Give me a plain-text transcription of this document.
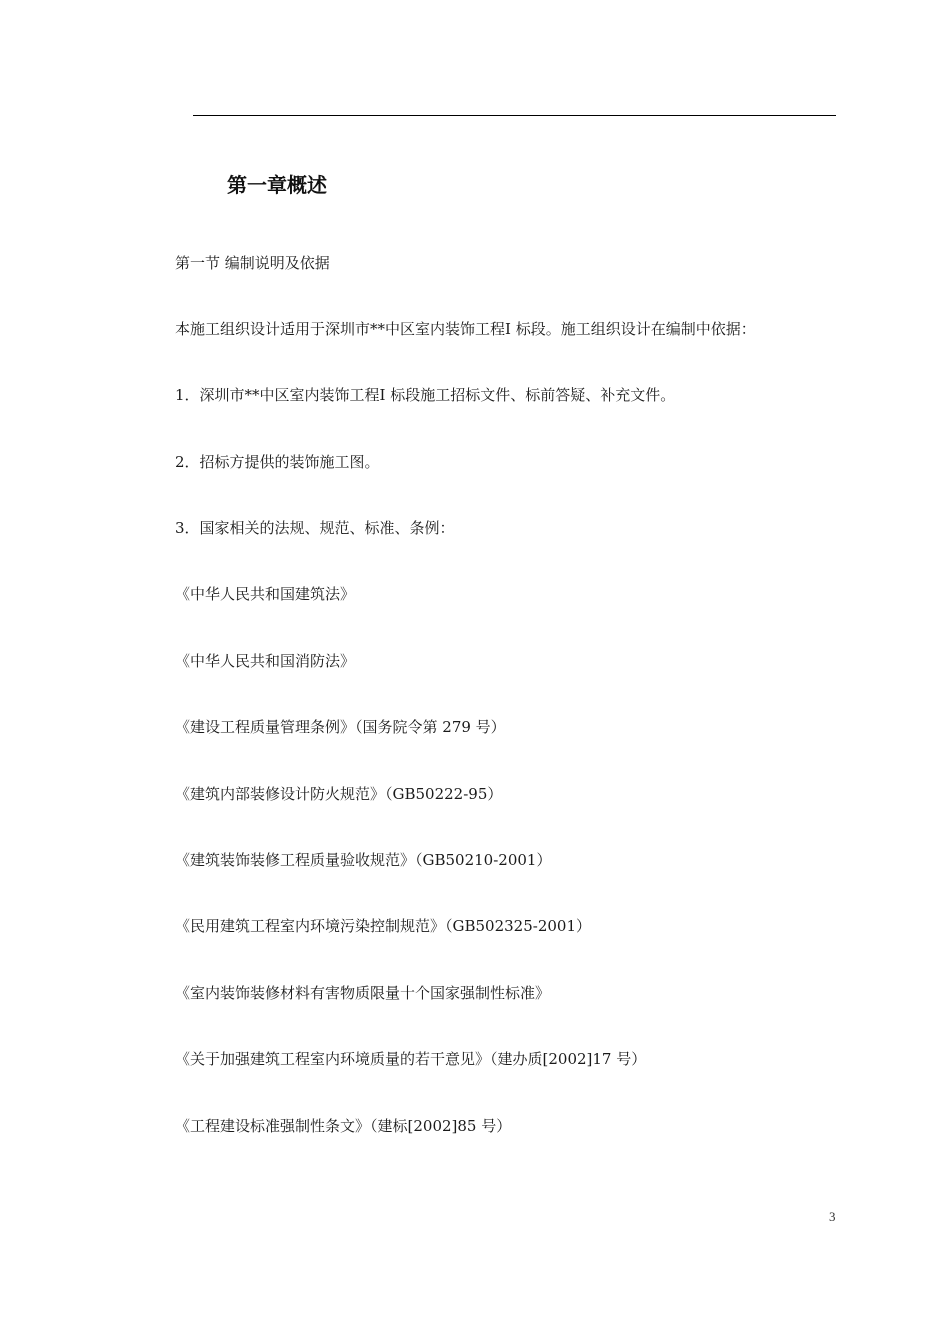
第一章概述

第一节 编制说明及依据

本施工组织设计适用于深圳市**中区室内装饰工程Ⅰ 标段。施工组织设计在编制中依据：

1．深圳市**中区室内装饰工程Ⅰ 标段施工招标文件、标前答疑、补充文件。

2．招标方提供的装饰施工图。

3．国家相关的法规、规范、标准、条例：

《中华人民共和国建筑法》

《中华人民共和国消防法》

《建设工程质量管理条例》（国务院令第 279 号）

《建筑内部装修设计防火规范》（GB50222-95）

《建筑装饰装修工程质量验收规范》（GB50210-2001）

《民用建筑工程室内环境污染控制规范》（GB502325-2001）

《室内装饰装修材料有害物质限量十个国家强制性标准》

《关于加强建筑工程室内环境质量的若干意见》（建办质[2002]17 号）

《工程建设标准强制性条文》（建标[2002]85 号）

3
